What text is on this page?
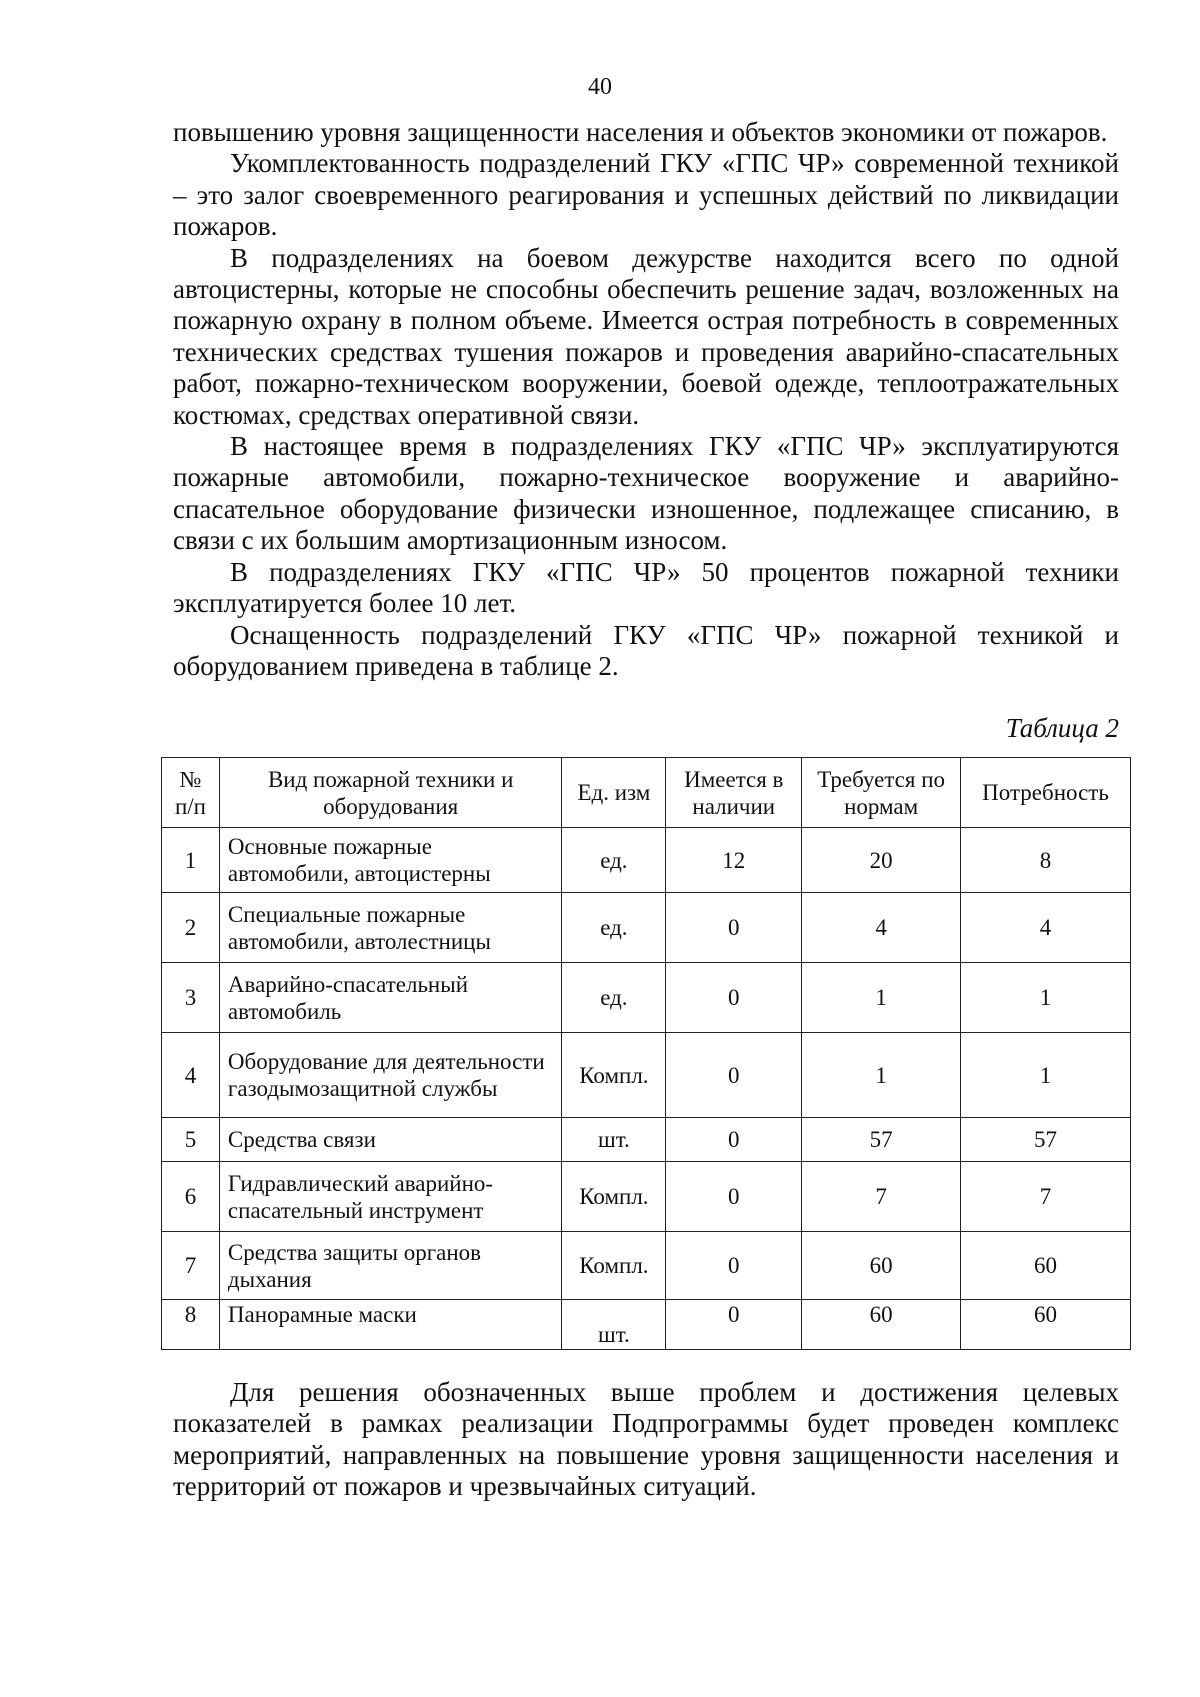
40

повышению уровня защищенности населения и объектов экономики от пожаров.

Укомплектованность подразделений ГКУ «ГПС ЧР» современной техникой – это залог своевременного реагирования и успешных действий по ликвидации пожаров.

В подразделениях на боевом дежурстве находится всего по одной автоцистерны, которые не способны обеспечить решение задач, возложенных на пожарную охрану в полном объеме. Имеется острая потребность в современных технических средствах тушения пожаров и проведения аварийно-спасательных работ, пожарно-техническом вооружении, боевой одежде, теплоотражательных костюмах, средствах оперативной связи.

В настоящее время в подразделениях ГКУ «ГПС ЧР» эксплуатируются пожарные автомобили, пожарно-техническое вооружение и аварийно-спасательное оборудование физически изношенное, подлежащее списанию, в связи с их большим амортизационным износом.

В подразделениях ГКУ «ГПС ЧР» 50 процентов пожарной техники эксплуатируется более 10 лет.

Оснащенность подразделений ГКУ «ГПС ЧР» пожарной техникой и оборудованием приведена в таблице 2.

Таблица 2
№ п/п	Вид пожарной техники и оборудования	Ед. изм	Имеется в наличии	Требуется по нормам	Потребность
1	Основные пожарные автомобили, автоцистерны	ед.	12	20	8
2	Специальные пожарные автомобили, автолестницы	ед.	0	4	4
3	Аварийно-спасательный автомобиль	ед.	0	1	1
4	Оборудование для деятельности газодымозащитной службы	Компл.	0	1	1
5	Средства связи	шт.	0	57	57
6	Гидравлический аварийно-спасательный инструмент	Компл.	0	7	7
7	Средства защиты органов дыхания	Компл.	0	60	60
8	Панорамные маски	шт.	0	60	60

Для решения обозначенных выше проблем и достижения целевых показателей в рамках реализации Подпрограммы будет проведен комплекс мероприятий, направленных на повышение уровня защищенности населения и территорий от пожаров и чрезвычайных ситуаций.
